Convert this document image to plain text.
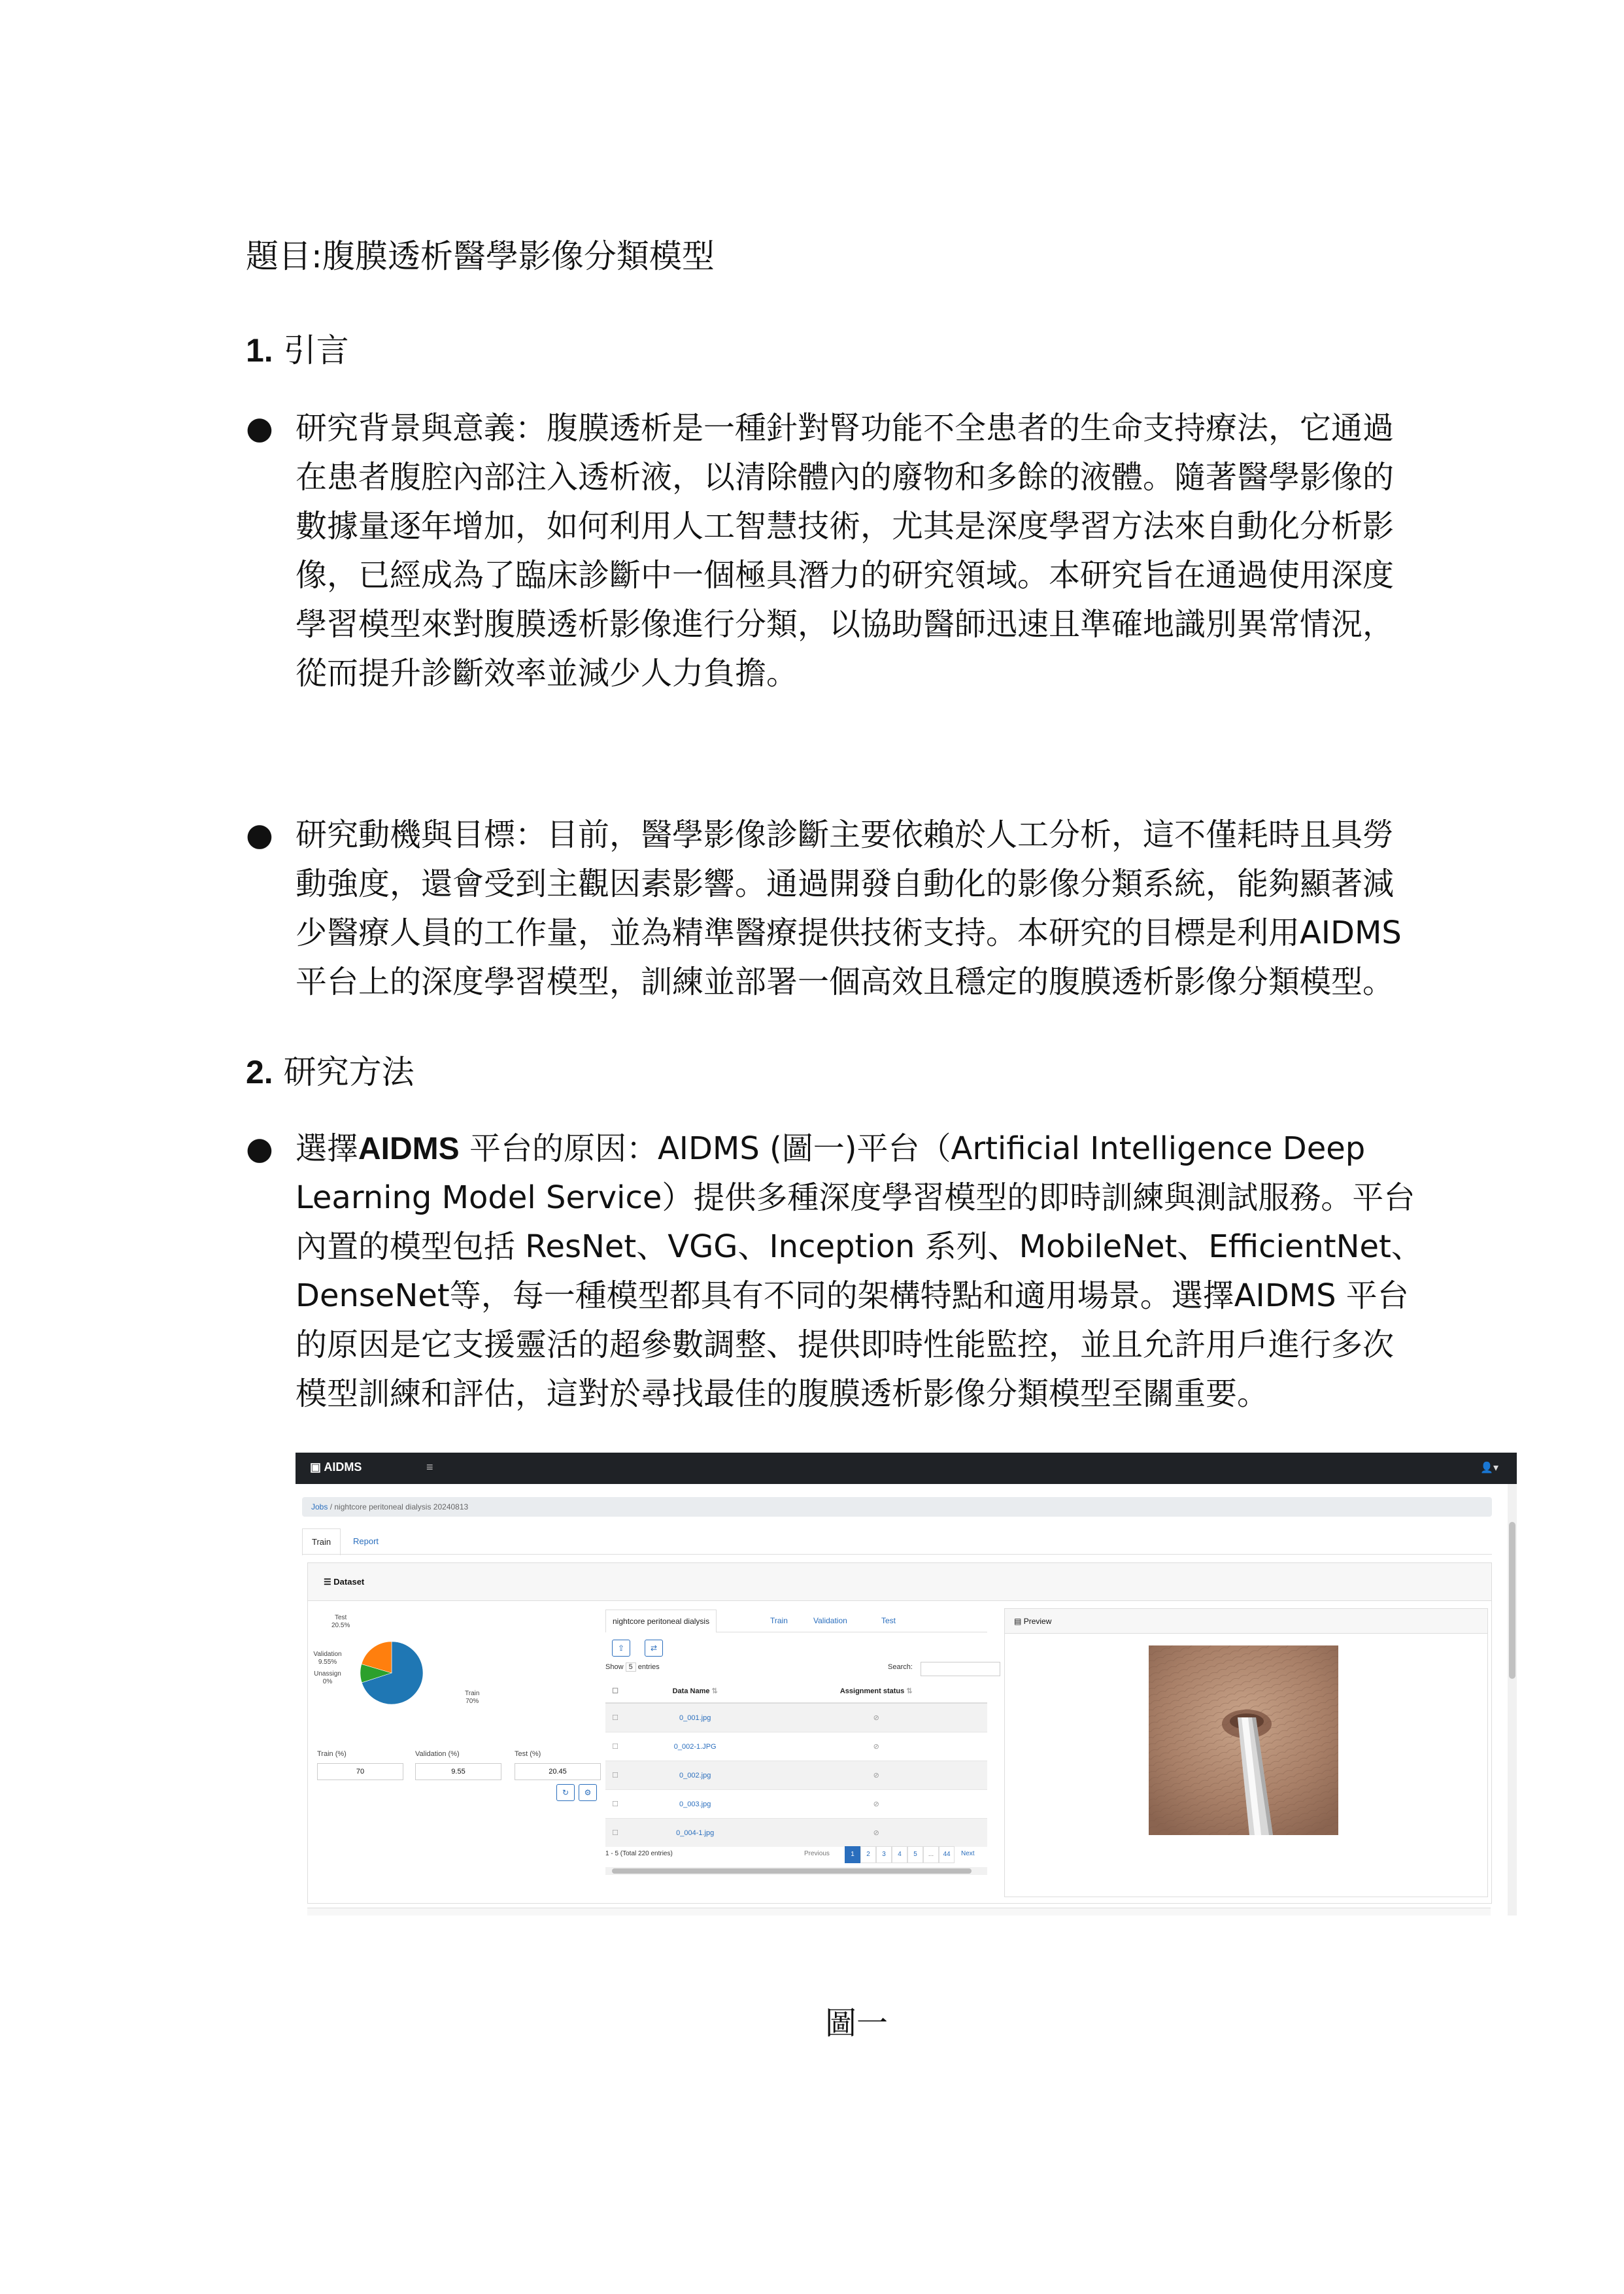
題目:腹膜透析醫學影像分類模型
1. 引言
● 研究背景與意義：腹膜透析是一種針對腎功能不全患者的生命支持療法，它通過
在患者腹腔內部注入透析液，以清除體內的廢物和多餘的液體。隨著醫學影像的
數據量逐年增加，如何利用人工智慧技術，尤其是深度學習方法來自動化分析影
像，已經成為了臨床診斷中一個極具潛力的研究領域。本研究旨在通過使用深度
學習模型來對腹膜透析影像進行分類，以協助醫師迅速且準確地識別異常情況，
從而提升診斷效率並減少人力負擔。
● 研究動機與目標：目前，醫學影像診斷主要依賴於人工分析，這不僅耗時且具勞
動強度，還會受到主觀因素影響。通過開發自動化的影像分類系統，能夠顯著減
少醫療人員的工作量，並為精準醫療提供技術支持。本研究的目標是利用AIDMS
平台上的深度學習模型，訓練並部署一個高效且穩定的腹膜透析影像分類模型。
2. 研究方法
● 選擇AIDMS 平台的原因：AIDMS (圖一)平台（Artificial Intelligence Deep
Learning Model Service）提供多種深度學習模型的即時訓練與測試服務。平台
內置的模型包括 ResNet、VGG、Inception 系列、MobileNet、EfficientNet、
DenseNet等，每一種模型都具有不同的架構特點和適用場景。選擇AIDMS 平台
的原因是它支援靈活的超參數調整、提供即時性能監控，並且允許用戶進行多次
模型訓練和評估，這對於尋找最佳的腹膜透析影像分類模型至關重要。
▣ AIDMS	≡	👤▾
Jobs / nightcore peritoneal dialysis 20240813
Train	Report
☰ Dataset
Test
20.5%
Validation
9.55%
Unassign
0%
Train
70%
Train (%)
70
Validation (%)
9.55
Test (%)
20.45
↻	⚙
nightcore peritoneal dialysis	Train	Validation	Test
⇪	⇄
Show 5 entries	Search:
☐	Data Name ⇅	Assignment status ⇅
☐	0_001.jpg	⊘
☐	0_002-1.JPG	⊘
☐	0_002.jpg	⊘
☐	0_003.jpg	⊘
☐	0_004-1.jpg	⊘
1 - 5 (Total 220 entries)	Previous	1	2	3	4	5	...	44	Next
▤ Preview
圖一
